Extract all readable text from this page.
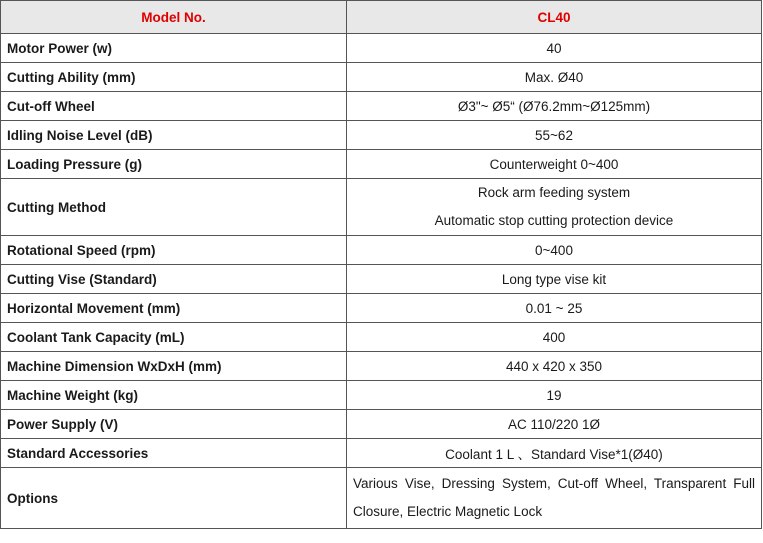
Model No.	CL40
Motor Power (w)	40
Cutting Ability (mm)	Max. Ø40
Cut-off Wheel	Ø3"~ Ø5“ (Ø76.2mm~Ø125mm)
Idling Noise Level (dB)	55~62
Loading Pressure (g)	Counterweight 0~400
Cutting Method	Rock arm feeding system
Automatic stop cutting protection device

Rotational Speed (rpm)	0~400
Cutting Vise (Standard)	Long type vise kit
Horizontal Movement (mm)	0.01 ~ 25
Coolant Tank Capacity (mL)	400
Machine Dimension WxDxH (mm)	440 x 420 x 350
Machine Weight (kg)	19
Power Supply (V)	AC 110/220 1Ø
Standard Accessories	Coolant 1 L 、Standard Vise*1(Ø40)
Options	Various Vise, Dressing System, Cut-off Wheel, Transparent Full Closure, Electric Magnetic Lock
